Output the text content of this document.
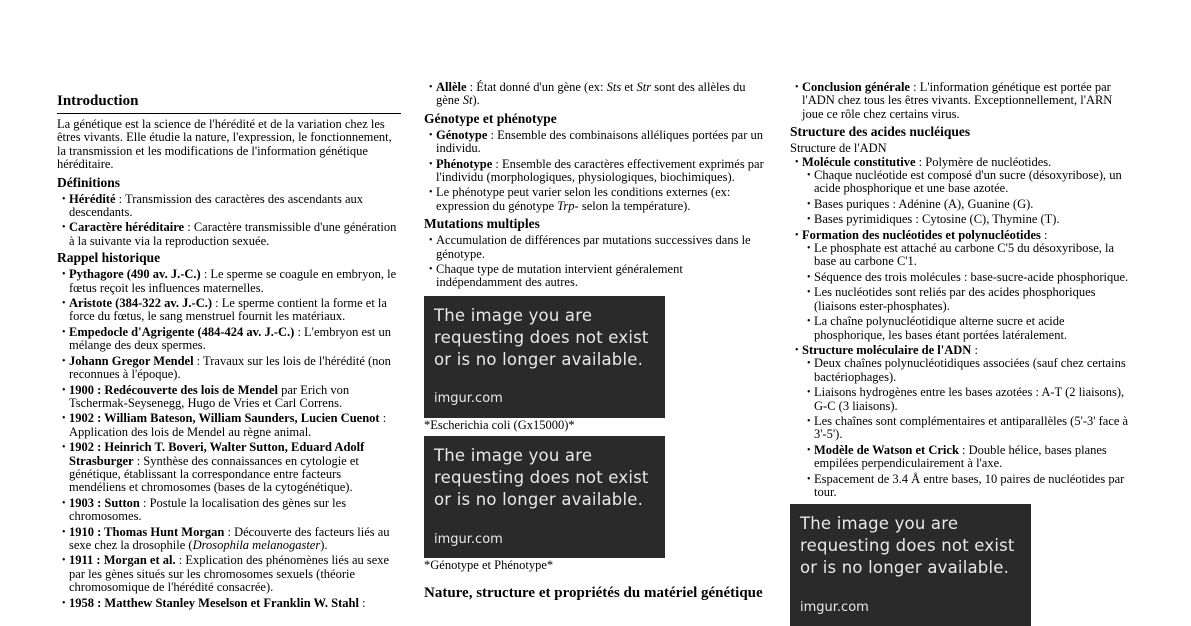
Introduction

La génétique est la science de l'hérédité et de la variation chez les êtres vivants. Elle étudie la nature, l'expression, le fonctionnement, la transmission et les modifications de l'information génétique héréditaire.

Définitions
• Hérédité : Transmission des caractères des ascendants aux descendants.
• Caractère héréditaire : Caractère transmissible d'une génération à la suivante via la reproduction sexuée.
Rappel historique
• Pythagore (490 av. J.-C.) : Le sperme se coagule en embryon, le fœtus reçoit les influences maternelles.
• Aristote (384-322 av. J.-C.) : Le sperme contient la forme et la force du fœtus, le sang menstruel fournit les matériaux.
• Empedocle d'Agrigente (484-424 av. J.-C.) : L'embryon est un mélange des deux spermes.
• Johann Gregor Mendel : Travaux sur les lois de l'hérédité (non reconnues à l'époque).
• 1900 : Redécouverte des lois de Mendel par Erich von Tschermak-Seysenegg, Hugo de Vries et Carl Correns.
• 1902 : William Bateson, William Saunders, Lucien Cuenot : Application des lois de Mendel au règne animal.
• 1902 : Heinrich T. Boveri, Walter Sutton, Eduard Adolf Strasburger : Synthèse des connaissances en cytologie et génétique, établissant la correspondance entre facteurs mendéliens et chromosomes (bases de la cytogénétique).
• 1903 : Sutton : Postule la localisation des gènes sur les chromosomes.
• 1910 : Thomas Hunt Morgan : Découverte des facteurs liés au sexe chez la drosophile (Drosophila melanogaster).
• 1911 : Morgan et al. : Explication des phénomènes liés au sexe par les gènes situés sur les chromosomes sexuels (théorie chromosomique de l'hérédité consacrée).
• 1958 : Matthew Stanley Meselson et Franklin W. Stahl :
• Allèle : État donné d'un gène (ex: Sts et Str sont des allèles du gène St).
Génotype et phénotype
• Génotype : Ensemble des combinaisons alléliques portées par un individu.
• Phénotype : Ensemble des caractères effectivement exprimés par l'individu (morphologiques, physiologiques, biochimiques).
• Le phénotype peut varier selon les conditions externes (ex: expression du génotype Trp- selon la température).
Mutations multiples
• Accumulation de différences par mutations successives dans le génotype.
• Chaque type de mutation intervient généralement indépendamment des autres.
The image you are
requesting does not exist
or is no longer available.
imgur.com

*Escherichia coli (Gx15000)*

The image you are
requesting does not exist
or is no longer available.
imgur.com

*Génotype et Phénotype*

Nature, structure et propriétés du matériel génétique
• Conclusion générale : L'information génétique est portée par l'ADN chez tous les êtres vivants. Exceptionnellement, l'ARN joue ce rôle chez certains virus.
Structure des acides nucléiques

Structure de l'ADN

• Molécule constitutive : Polymère de nucléotides.
• Chaque nucléotide est composé d'un sucre (désoxyribose), un acide phosphorique et une base azotée.
• Bases puriques : Adénine (A), Guanine (G).
• Bases pyrimidiques : Cytosine (C), Thymine (T).
• Formation des nucléotides et polynucléotides :
• Le phosphate est attaché au carbone C'5 du désoxyribose, la base au carbone C'1.
• Séquence des trois molécules : base-sucre-acide phosphorique.
• Les nucléotides sont reliés par des acides phosphoriques (liaisons ester-phosphates).
• La chaîne polynucléotidique alterne sucre et acide phosphorique, les bases étant portées latéralement.
• Structure moléculaire de l'ADN :
• Deux chaînes polynucléotidiques associées (sauf chez certains bactériophages).
• Liaisons hydrogènes entre les bases azotées : A-T (2 liaisons), G-C (3 liaisons).
• Les chaînes sont complémentaires et antiparallèles (5'-3' face à 3'-5').
• Modèle de Watson et Crick : Double hélice, bases planes empilées perpendiculairement à l'axe.
• Espacement de 3.4 Å entre bases, 10 paires de nucléotides par tour.
The image you are
requesting does not exist
or is no longer available.
imgur.com
